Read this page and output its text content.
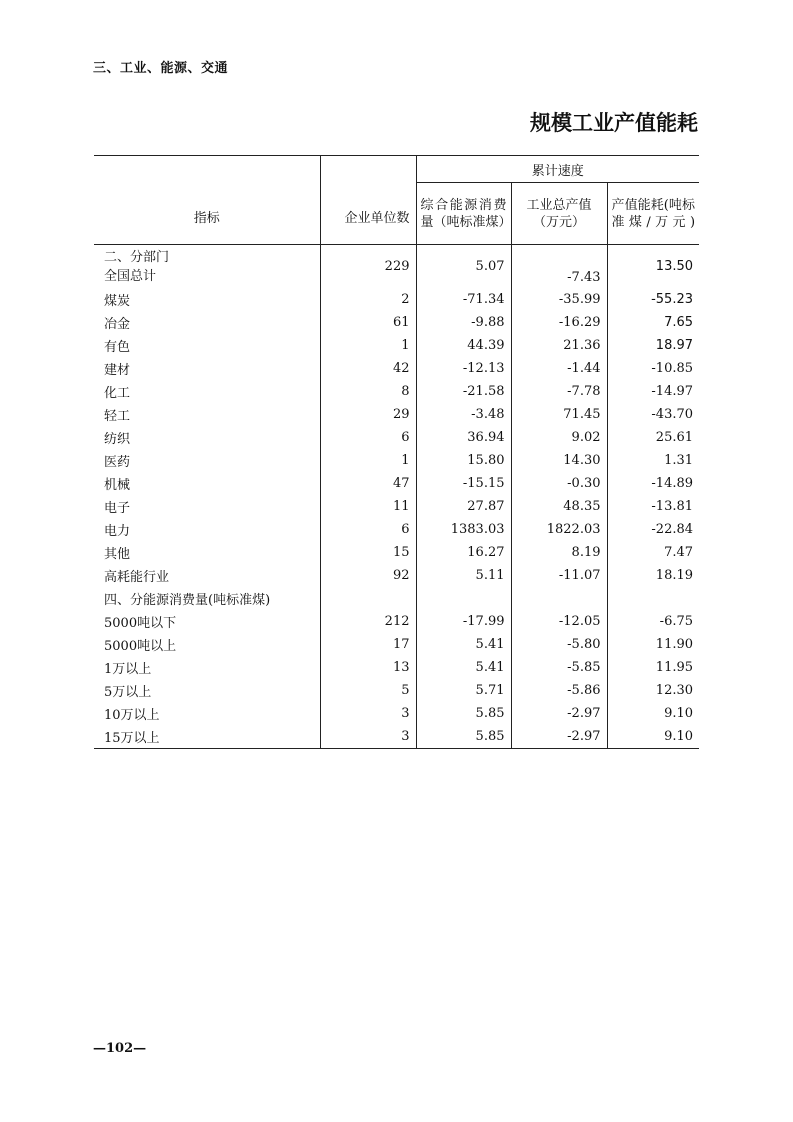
三、工业、能源、交通
规模工业产值能耗
指标	企业单位数	累计速度		
		综合能源消费量（吨标准煤）	工业总产值（万元）	产值能耗(吨标准煤/万元)

二、分部门
全国总计	229	5.07	-7.43	13.50
煤炭	2	-71.34	-35.99	-55.23
冶金	61	-9.88	-16.29	7.65
有色	1	44.39	21.36	18.97
建材	42	-12.13	-1.44	-10.85
化工	8	-21.58	-7.78	-14.97
轻工	29	-3.48	71.45	-43.70
纺织	6	36.94	9.02	25.61
医药	1	15.80	14.30	1.31
机械	47	-15.15	-0.30	-14.89
电子	11	27.87	48.35	-13.81
电力	6	1383.03	1822.03	-22.84
其他	15	16.27	8.19	7.47
高耗能行业	92	5.11	-11.07	18.19
四、分能源消费量(吨标准煤)				
5000吨以下	212	-17.99	-12.05	-6.75
5000吨以上	17	5.41	-5.80	11.90
1万以上	13	5.41	-5.85	11.95
5万以上	5	5.71	-5.86	12.30
10万以上	3	5.85	-2.97	9.10
15万以上	3	5.85	-2.97	9.10
—102—
